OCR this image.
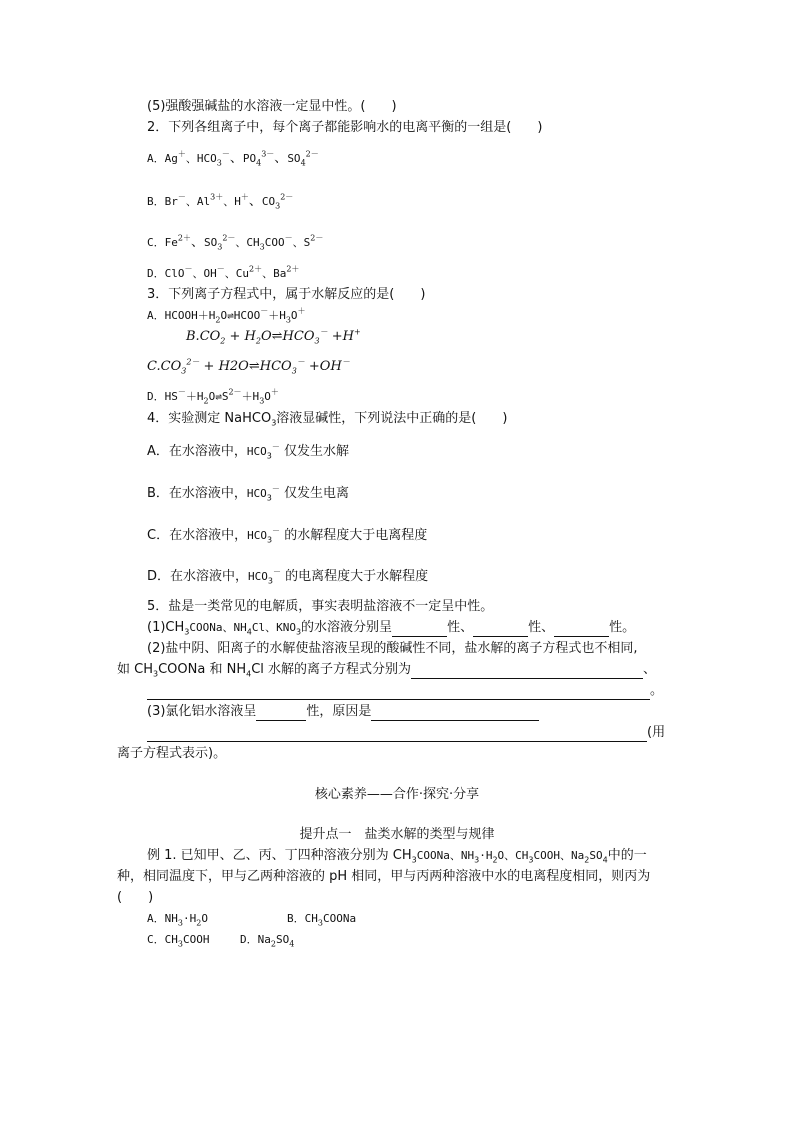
(5)强酸强碱盐的水溶液一定显中性。(　　)
2．下列各组离子中，每个离子都能影响水的电离平衡的一组是(　　)
A．Ag＋、$HCO_3^-$、$PO_4^{3-}$、$SO_4^{2-}$
B．Br－、$Al^{3+}$、H＋、$CO_3^{2-}$
C．$Fe^{2+}$、$SO_3^{2-}$、$CH_3COO^-$、$S^{2-}$
D．ClO－、OH－、$Cu^{2+}$、$Ba^{2+}$
3．下列离子方程式中，属于水解反应的是(　　)
A．$HCOOH+H_2O\rightleftharpoons HCOO^-+H_3O^+$
$B.CO_2$ + $H_2O\rightleftharpoons HCO_3^- +H^+$
$C.CO_3^{2-}$ + $H2O\rightleftharpoons HCO_3^- +OH^-$
D．$HS^-+H_2O\rightleftharpoons S^{2-}+H_3O^+$
4．实验测定 NaHCO$_3$溶液显碱性，下列说法中正确的是(　　)
A．在水溶液中，$HCO_3^-$ 仅发生水解
B．在水溶液中，$HCO_3^-$ 仅发生电离
C．在水溶液中，$HCO_3^-$ 的水解程度大于电离程度
D．在水溶液中，$HCO_3^-$ 的电离程度大于水解程度
5．盐是一类常见的电解质，事实表明盐溶液不一定呈中性。
$(1)CH_3COONa$、$NH_4Cl$、$KNO_3$的水溶液分别呈	性、	性、	性。
(2)盐中阴、阳离子的水解使盐溶液呈现的酸碱性不同，盐水解的离子方程式也不相同,
如 $CH_3COONa$ 和 $NH_4Cl$ 水解的离子方程式分别为	、
。
(3)氯化铝水溶液呈	性，原因是
(用
离子方程式表示)。
核心素养——合作·探究·分享
提升点一　盐类水解的类型与规律
例 1. 已知甲、乙、丙、丁四种溶液分别为 $CH_3COONa$、$NH_3\cdot H_2O$、$CH_3COOH$、$Na_2SO_4$中的一
种，相同温度下，甲与乙两种溶液的 pH 相同，甲与丙两种溶液中水的电离程度相同，则丙为
(　　)
A．$NH_3\cdot H_2O$	B．$CH_3COONa$
C．$CH_3COOH$	D．$Na_2SO_4$
